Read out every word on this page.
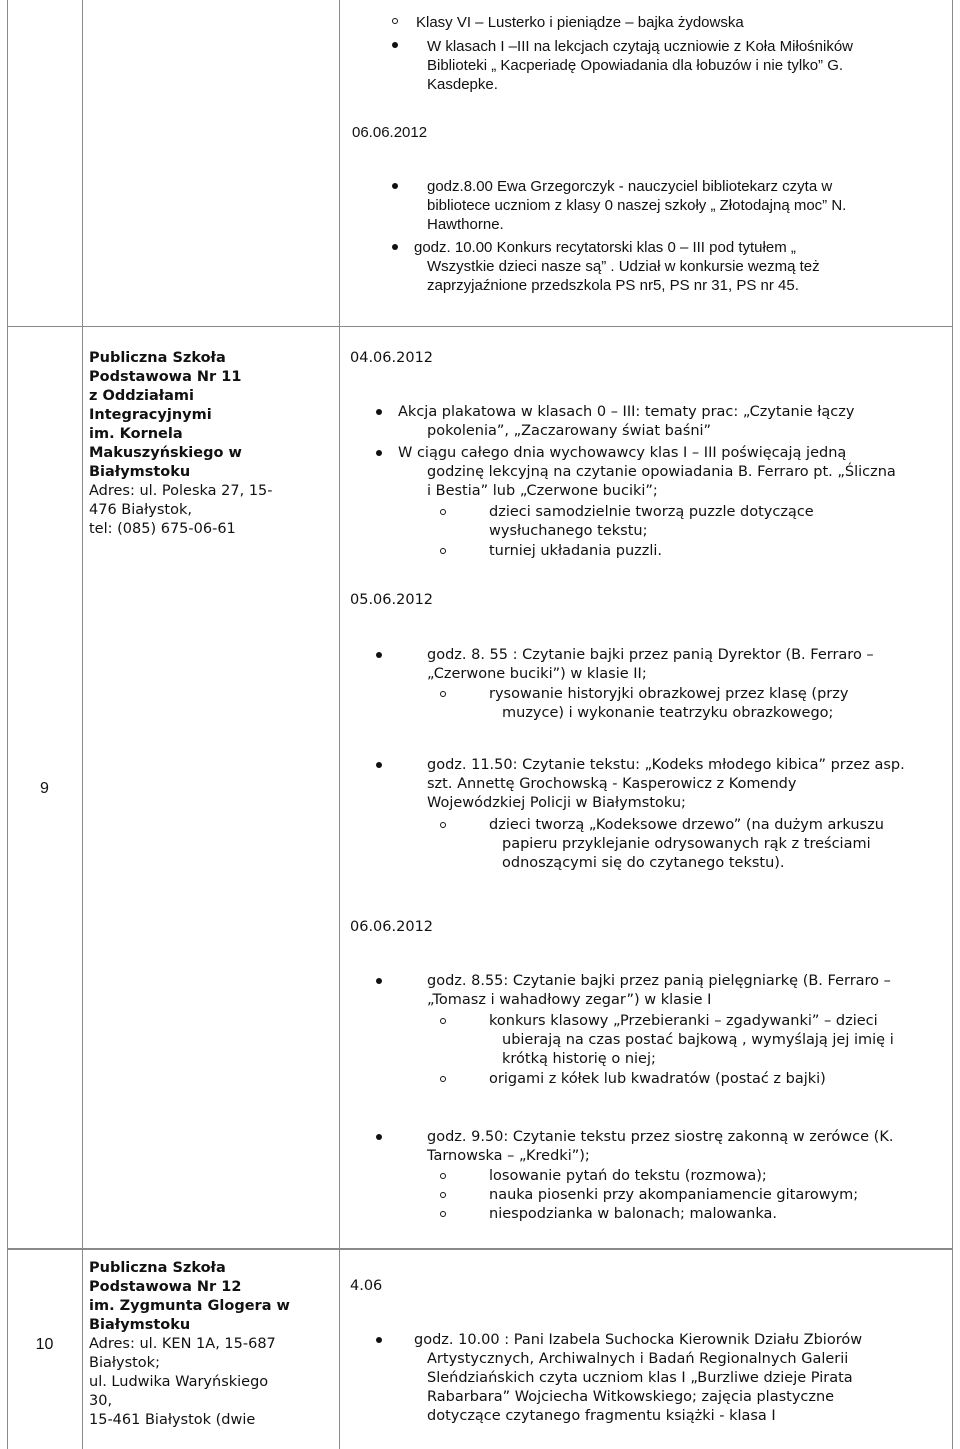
Klasy VI – Lusterko i pieniądze – bajka żydowska
W klasach I –III na lekcjach czytają uczniowie z Koła Miłośników
Biblioteki „ Kacperiadę Opowiadania dla łobuzów i nie tylko” G.
Kasdepke.
06.06.2012
godz.8.00 Ewa Grzegorczyk - nauczyciel bibliotekarz czyta w
bibliotece uczniom z klasy 0 naszej szkoły „ Złotodajną moc” N.
Hawthorne.
godz. 10.00 Konkurs recytatorski klas 0 – III pod tytułem „
Wszystkie dzieci nasze są” . Udział w konkursie wezmą też
zaprzyjaźnione przedszkola PS nr5, PS nr 31, PS nr 45.
9
Publiczna Szkoła
Podstawowa Nr 11
z Oddziałami
Integracyjnymi
im. Kornela
Makuszyńskiego w
Białymstoku
Adres: ul. Poleska 27, 15-
476 Białystok,
tel: (085) 675-06-61
04.06.2012
Akcja plakatowa w klasach 0 – III: tematy prac: „Czytanie łączy
pokolenia”, „Zaczarowany świat baśni”
W ciągu całego dnia wychowawcy klas I – III poświęcają jedną
godzinę lekcyjną na czytanie opowiadania B. Ferraro pt. „Śliczna
i Bestia” lub „Czerwone buciki”;
dzieci samodzielnie tworzą puzzle dotyczące
wysłuchanego tekstu;
turniej układania puzzli.
05.06.2012
godz. 8. 55 : Czytanie bajki przez panią Dyrektor (B. Ferraro –
„Czerwone buciki”) w klasie II;
rysowanie historyjki obrazkowej przez klasę (przy
muzyce) i wykonanie teatrzyku obrazkowego;
godz. 11.50: Czytanie tekstu: „Kodeks młodego kibica” przez asp.
szt. Annettę Grochowską - Kasperowicz z Komendy
Wojewódzkiej Policji w Białymstoku;
dzieci tworzą „Kodeksowe drzewo” (na dużym arkuszu
papieru przyklejanie odrysowanych rąk z treściami
odnoszącymi się do czytanego tekstu).
06.06.2012
godz. 8.55: Czytanie bajki przez panią pielęgniarkę (B. Ferraro –
„Tomasz i wahadłowy zegar”) w klasie I
konkurs klasowy „Przebieranki – zgadywanki” – dzieci
ubierają na czas postać bajkową , wymyślają jej imię i
krótką historię o niej;
origami z kółek lub kwadratów (postać z bajki)
godz. 9.50: Czytanie tekstu przez siostrę zakonną w zerówce (K.
Tarnowska – „Kredki”);
losowanie pytań do tekstu (rozmowa);
nauka piosenki przy akompaniamencie gitarowym;
niespodzianka w balonach; malowanka.
10
Publiczna Szkoła
Podstawowa Nr 12
im. Zygmunta Glogera w
Białymstoku
Adres: ul. KEN 1A, 15-687
Białystok;
ul. Ludwika Waryńskiego
30,
15-461 Białystok (dwie
4.06
godz. 10.00 : Pani Izabela Suchocka Kierownik Działu Zbiorów
Artystycznych, Archiwalnych i Badań Regionalnych Galerii
Sleńdziańskich czyta uczniom klas I „Burzliwe dzieje Pirata
Rabarbara” Wojciecha Witkowskiego; zajęcia plastyczne
dotyczące czytanego fragmentu książki - klasa I
